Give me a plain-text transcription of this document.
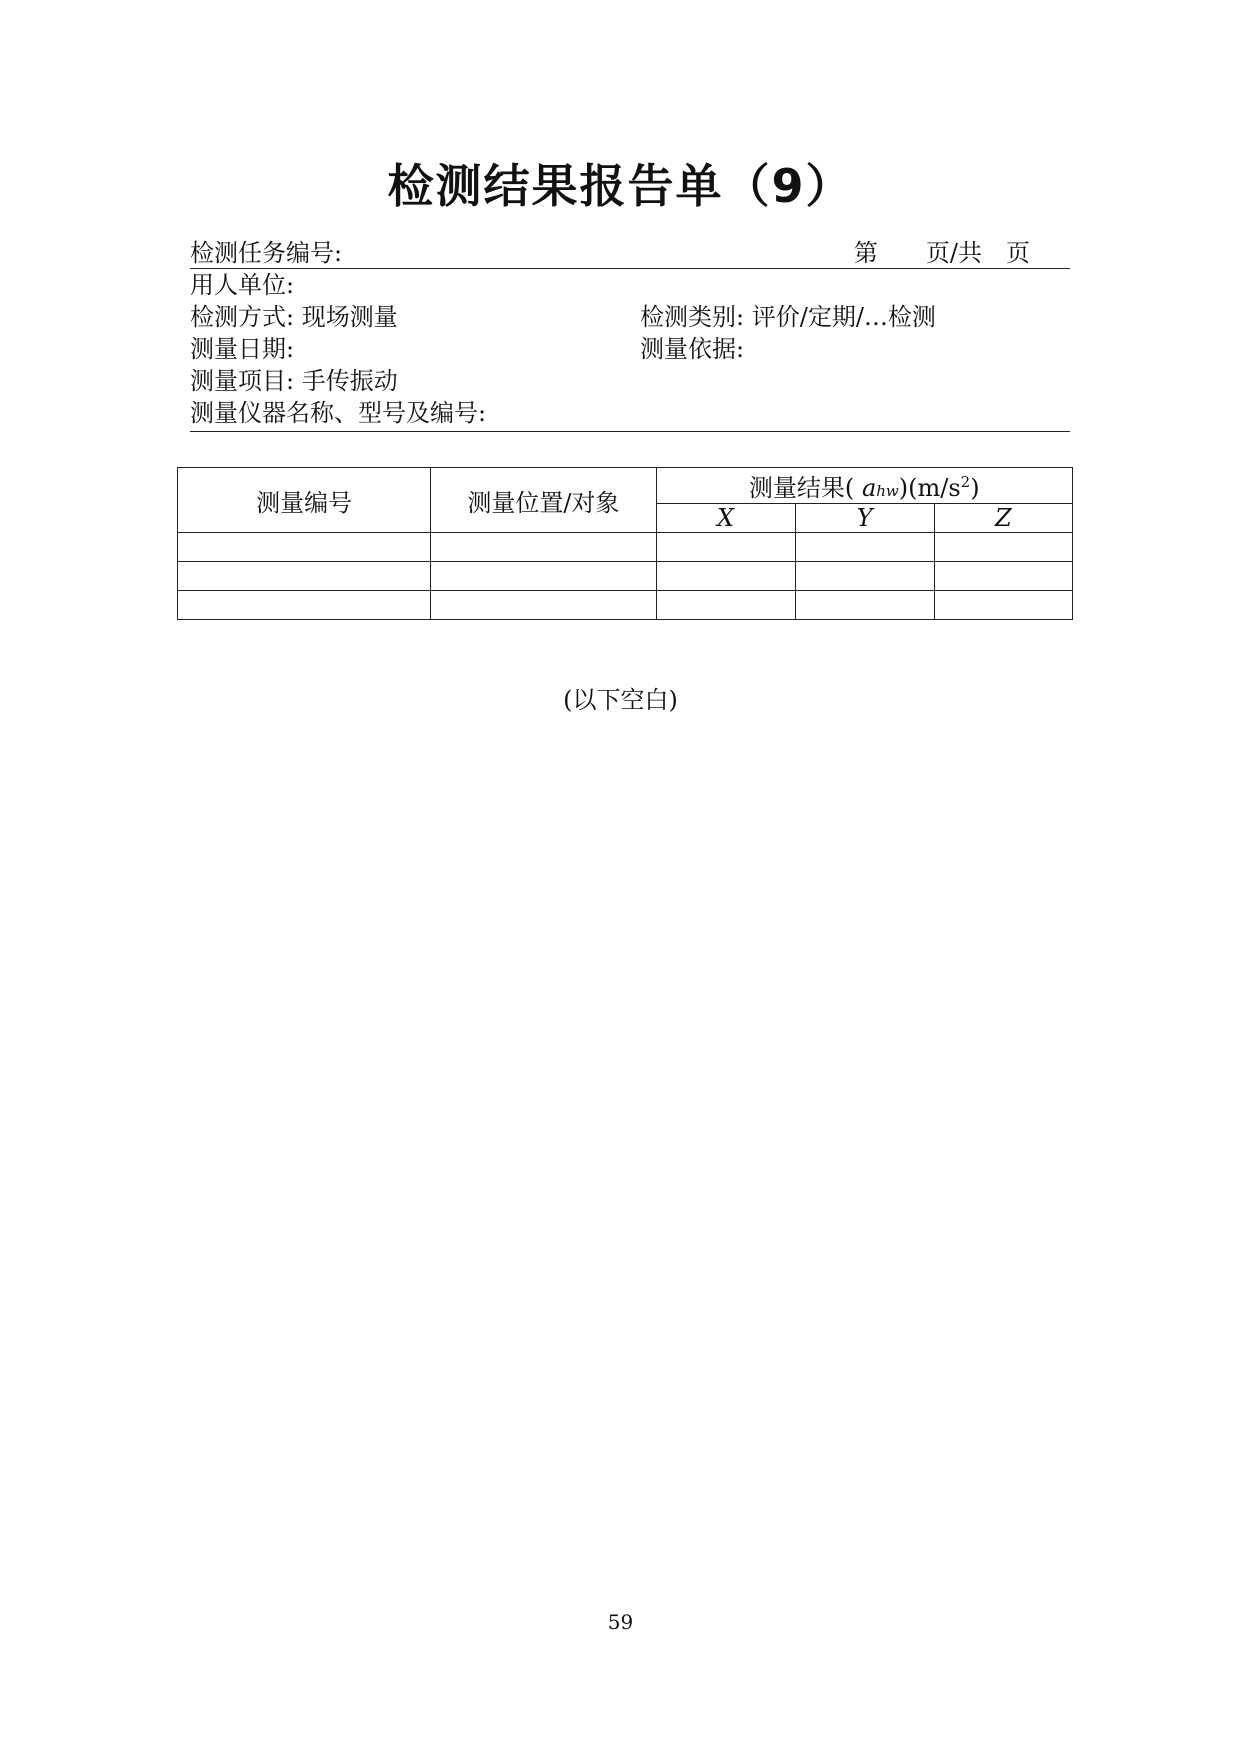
检测结果报告单（9）
检测任务编号:	第　　页/共　页
用人单位:
检测方式: 现场测量	检测类别: 评价/定期/…检测
测量日期:	测量依据:
测量项目: 手传振动
测量仪器名称、型号及编号:
测量编号	测量位置/对象	测量结果( $ahw)(m/s^2)$		
		X	Y	Z

(以下空白)
59
